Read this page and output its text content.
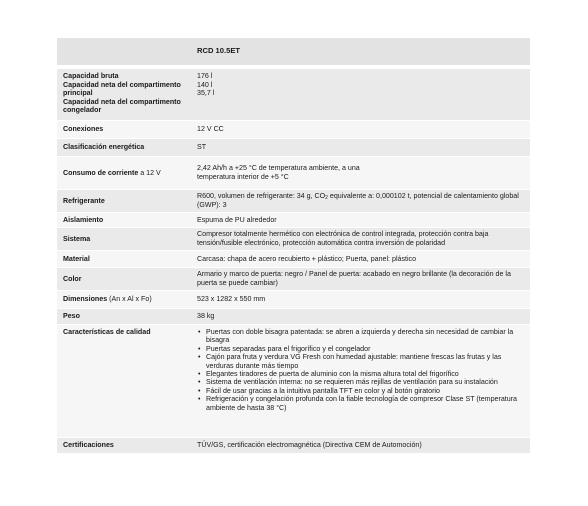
RCD 10.5ET
Capacidad bruta
Capacidad neta del compartimento principal
Capacidad neta del compartimento congelador
176 l
140 l
35,7 l
Conexiones	12 V CC
Clasificación energética	ST
Consumo de corriente a 12 V
2,42 Ah/h a +25 °C de temperatura ambiente, a una temperatura interior de +5 °C
Refrigerante
R600, volumen de refrigerante: 34 g, $CO_2$ equivalente a: 0,000102 t, potencial de calentamiento global (GWP): 3
Aislamiento	Espuma de PU alrededor
Sistema
Compresor totalmente hermético con electrónica de control integrada, protección contra baja tensión/fusible electrónico, protección automática contra inversión de polaridad
Material	Carcasa: chapa de acero recubierto + plástico; Puerta, panel: plástico
Color
Armario y marco de puerta: negro / Panel de puerta: acabado en negro brillante (la decoración de la puerta se puede cambiar)
Dimensiones (An x Al x Fo)	523 x 1282 x 550 mm
Peso	38 kg
Características de calidad
•	Puertas con doble bisagra patentada: se abren a izquierda y derecha sin necesidad de cambiar la bisagra
• Puertas separadas para el frigorífico y el congelador
• Cajón para fruta y verdura VG Fresh con humedad ajustable: mantiene frescas las frutas y las verduras durante más tiempo
• Elegantes tiradores de puerta de aluminio con la misma altura total del frigorífico
• Sistema de ventilación interna: no se requieren más rejillas de ventilación para su instalación
• Fácil de usar gracias a la intuitiva pantalla TFT en color y al botón giratorio
• Refrigeración y congelación profunda con la fiable tecnología de compresor Clase ST (temperatura ambiente de hasta 38 °C)
Certificaciones	TÜV/GS, certificación electromagnética (Directiva CEM de Automoción)
